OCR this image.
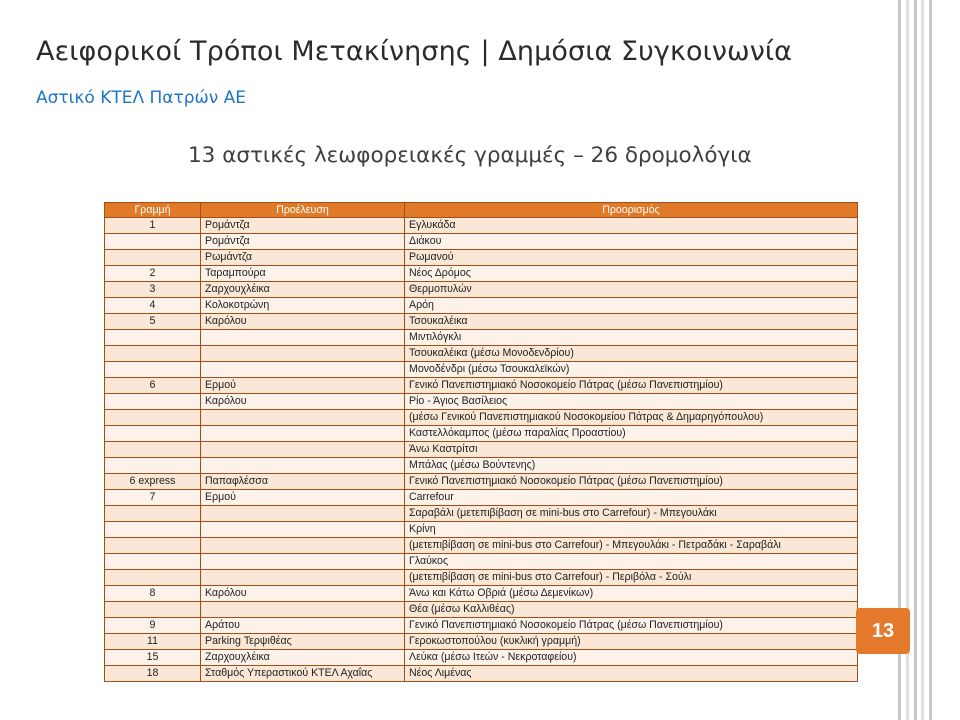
Αειφορικοί Τρόποι Μετακίνησης | Δημόσια Συγκοινωνία
Αστικό ΚΤΕΛ Πατρών ΑΕ
13 αστικές λεωφορειακές γραμμές – 26 δρομολόγια
Γραμμή	Προέλευση	Προορισμός
1	Ρομάντζα	Εγλυκάδα
	Ρομάντζα	Διάκου
	Ρωμάντζα	Ρωμανού
2	Ταραμπούρα	Νέος Δρόμος
3	Ζαρχουχλέικα	Θερμοπυλών
4	Κολοκοτρώνη	Αρόη
5	Καρόλου	Τσουκαλέικα
		Μιντιλόγκλι
		Τσουκαλέικα (μέσω Μονοδενδρίου)
		Μονοδένδρι (μέσω Τσουκαλεϊκών)
6	Ερμού	Γενικό Πανεπιστημιακό Νοσοκομείο Πάτρας (μέσω Πανεπιστημίου)
	Καρόλου	Ρίο - Άγιος Βασίλειος
		(μέσω Γενικού Πανεπιστημιακού Νοσοκομείου Πάτρας & Δημαρηγόπουλου)
		Καστελλόκαμπος (μέσω παραλίας Προαστίου)
		Άνω Καστρίτσι
		Μπάλας (μέσω Βούντενης)
6 express	Παπαφλέσσα	Γενικό Πανεπιστημιακό Νοσοκομείο Πάτρας (μέσω Πανεπιστημίου)
7	Ερμού	Carrefour
		Σαραβάλι (μετεπιβίβαση σε mini-bus στο Carrefour) - Μπεγουλάκι
		Κρίνη
		(μετεπιβίβαση σε mini-bus στο Carrefour) - Μπεγουλάκι - Πετραδάκι - Σαραβάλι
		Γλαύκος
		(μετεπιβίβαση σε mini-bus στο Carrefour) - Περιβόλα - Σούλι
8	Καρόλου	Άνω και Κάτω Οβριά (μέσω Δεμενίκων)
		Θέα (μέσω Καλλιθέας)
9	Αράτου	Γενικό Πανεπιστημιακό Νοσοκομείο Πάτρας (μέσω Πανεπιστημίου)
11	Parking Τερψιθέας	Γεροκωστοπούλου (κυκλική γραμμή)
15	Ζαρχουχλέικα	Λεύκα (μέσω Ιτεών - Νεκροταφείου)
18	Σταθμός Υπεραστικού ΚΤΕΛ Αχαΐας	Νέος Λιμένας
13
